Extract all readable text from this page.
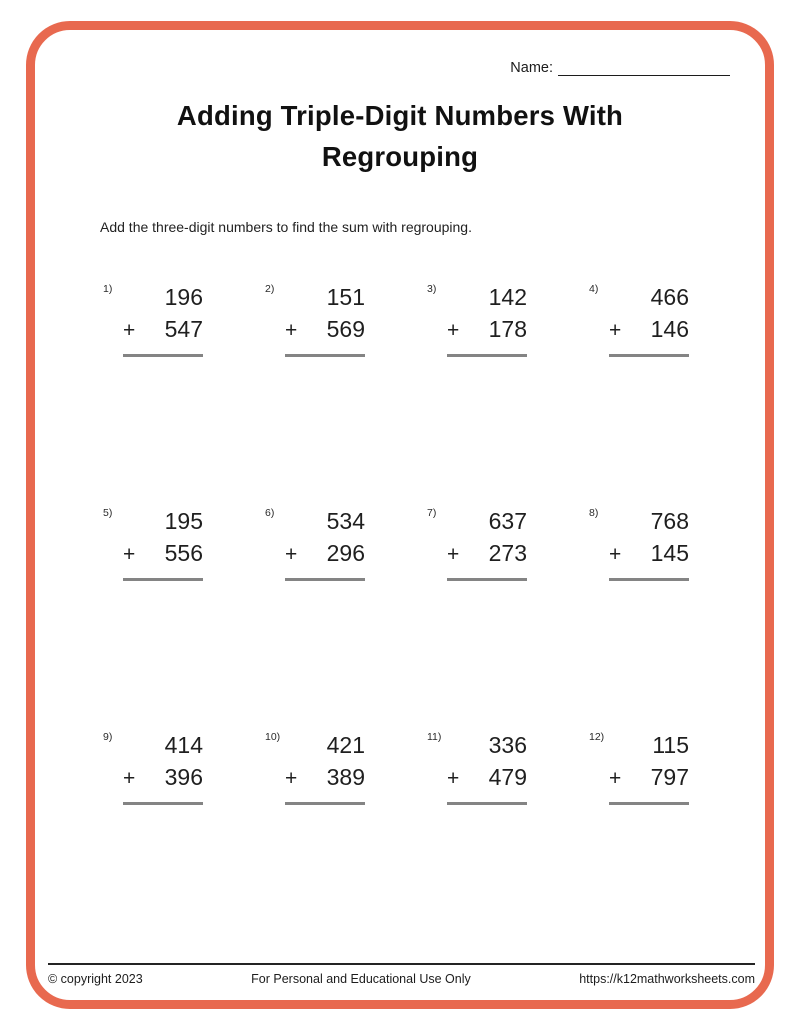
Name:
Adding Triple-Digit Numbers With
Regrouping

Add the three-digit numbers to find the sum with regrouping.

1)	196
+ 547
2)	151
+ 569
3)	142
+ 178
4)	466
+ 146
5)	195
+ 556
6)	534
+ 296
7)	637
+ 273
8)	768
+ 145
9)	414
+ 396
10)	421
+ 389
11)	336
+ 479
12)	115
+ 797
© copyright 2023	For Personal and Educational Use Only	https://k12mathworksheets.com
